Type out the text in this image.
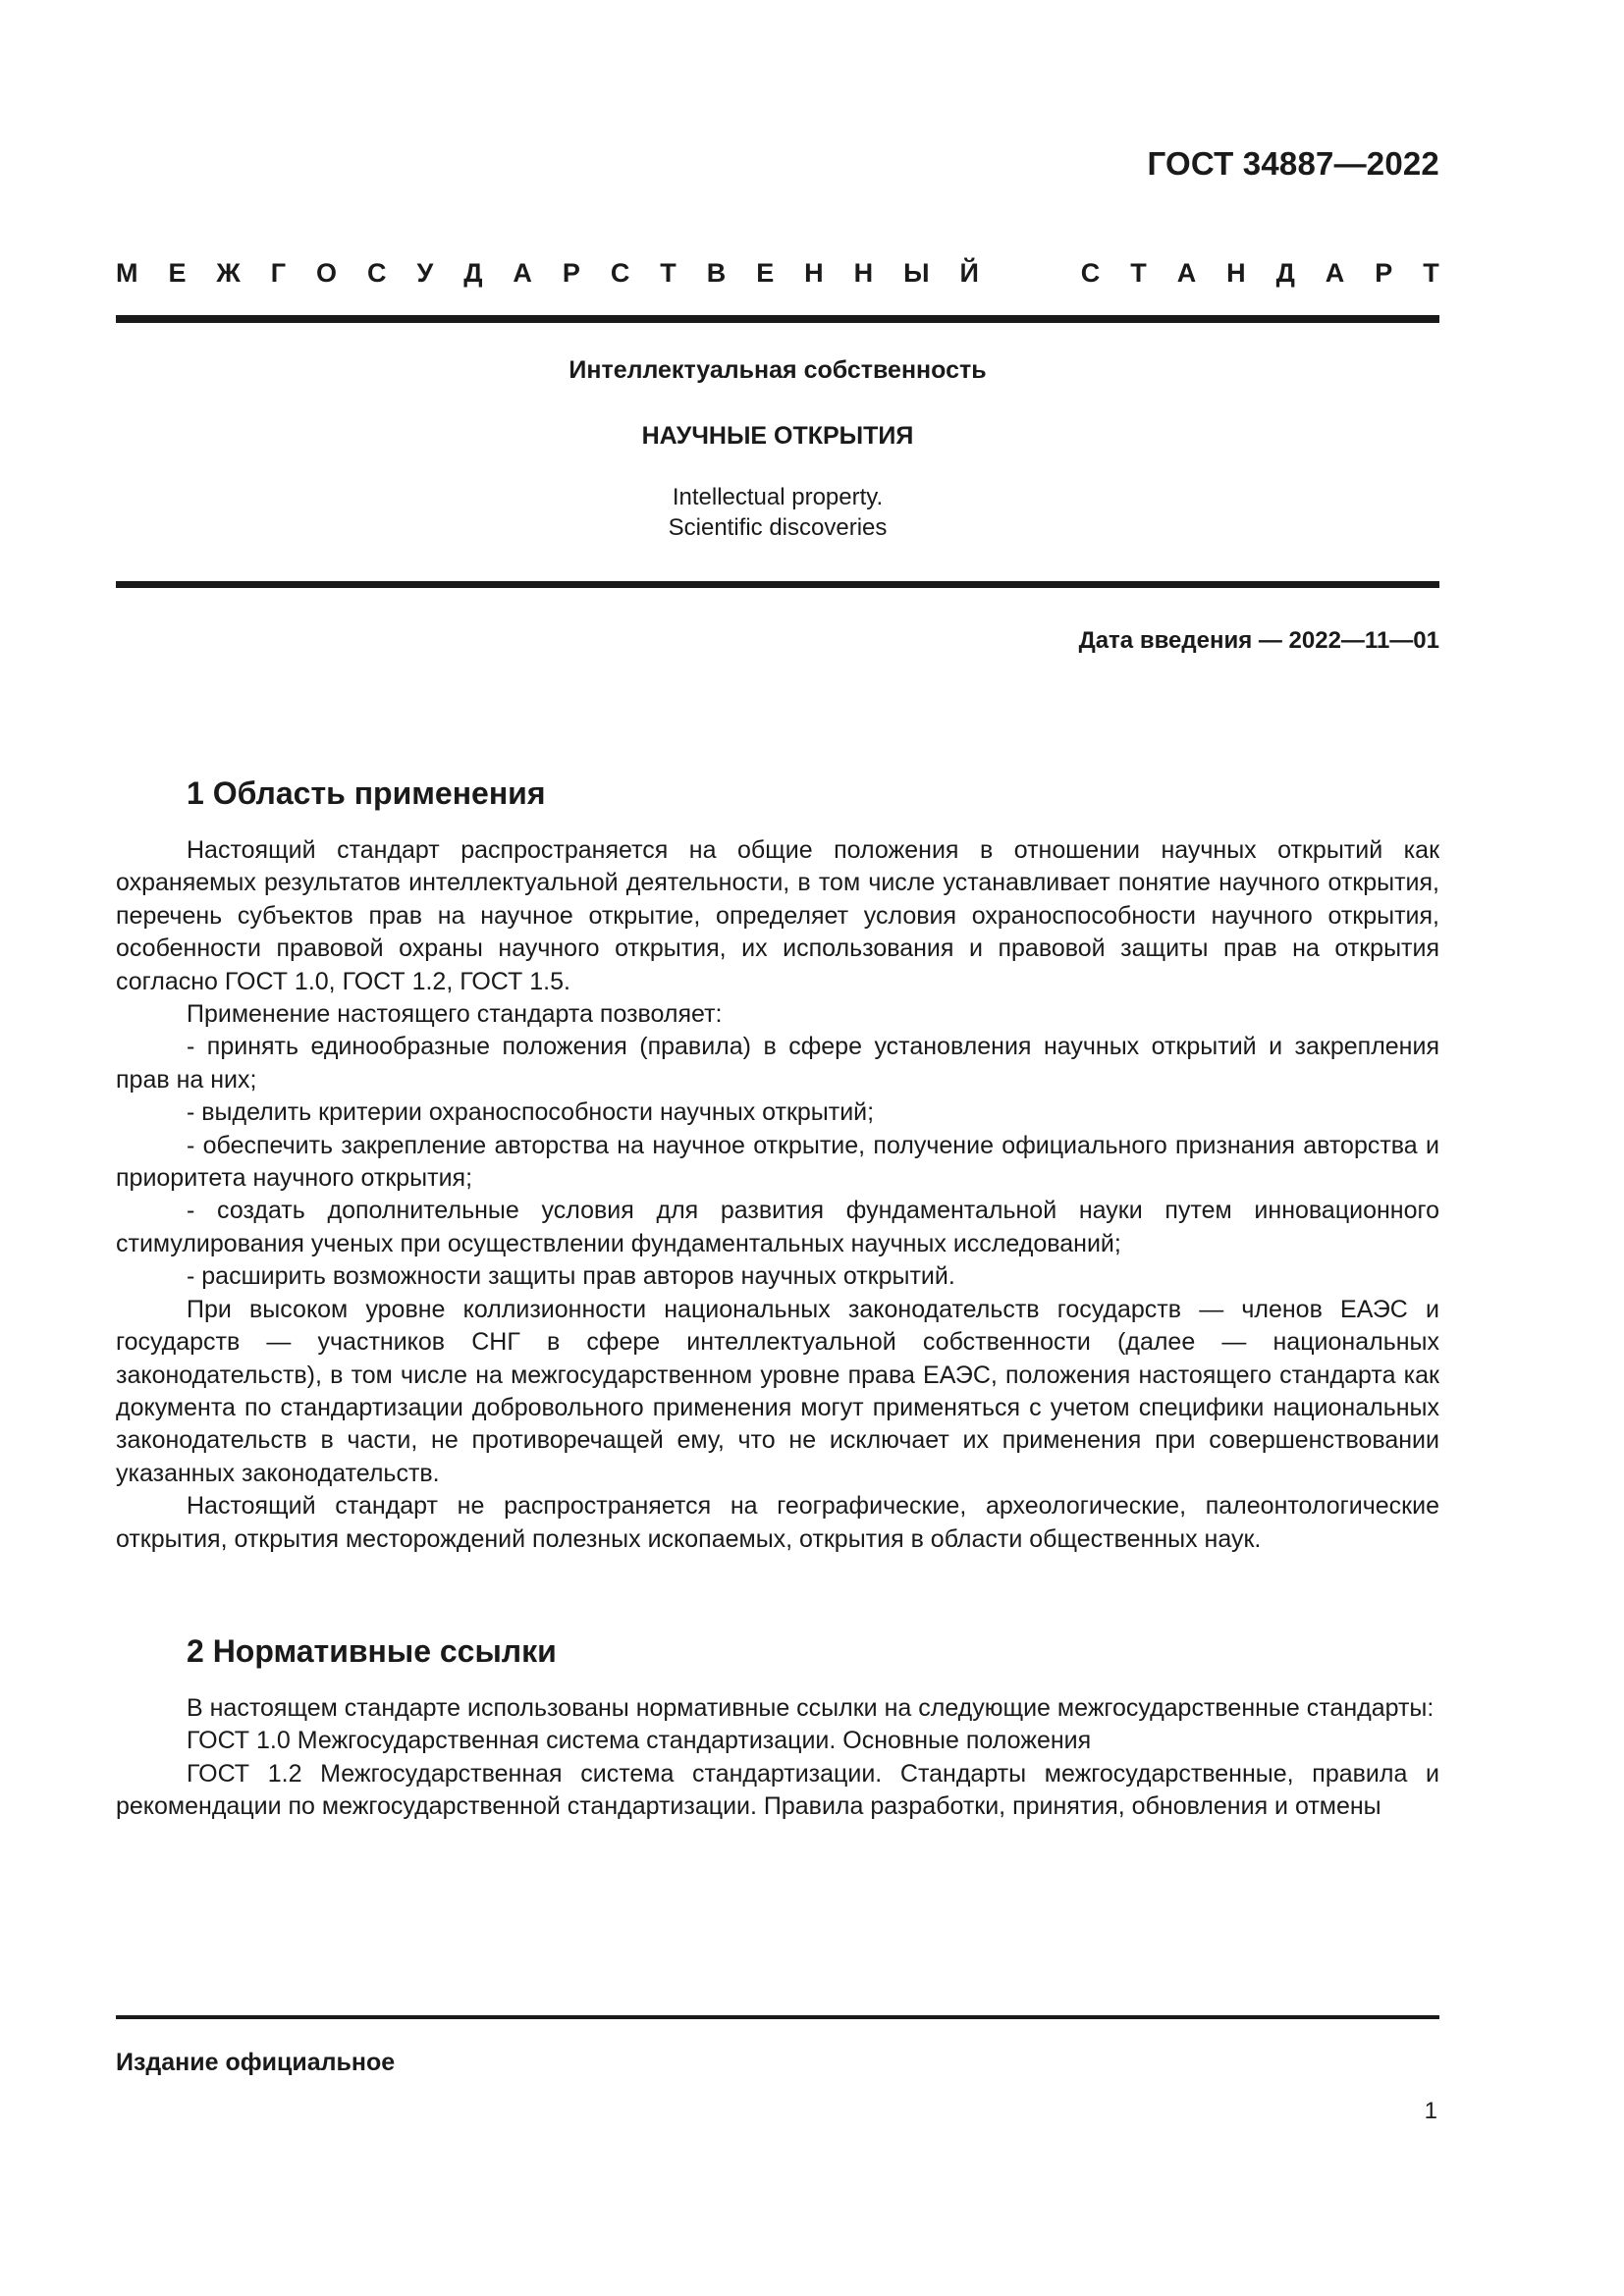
ГОСТ 34887—2022
М Е Ж Г О С У Д А Р С Т В Е Н Н Ы Й	С Т А Н Д А Р Т
Интеллектуальная собственность
НАУЧНЫЕ ОТКРЫТИЯ
Intellectual property.
Scientific discoveries
Дата введения — 2022—11—01
1 Область применения

Настоящий стандарт распространяется на общие положения в отношении научных открытий как охраняемых результатов интеллектуальной деятельности, в том числе устанавливает понятие научного открытия, перечень субъектов прав на научное открытие, определяет условия охраноспособности научного открытия, особенности правовой охраны научного открытия, их использования и правовой защиты прав на открытия согласно ГОСТ 1.0, ГОСТ 1.2, ГОСТ 1.5.

Применение настоящего стандарта позволяет:

- принять единообразные положения (правила) в сфере установления научных открытий и закрепления прав на них;

- выделить критерии охраноспособности научных открытий;

- обеспечить закрепление авторства на научное открытие, получение официального признания авторства и приоритета научного открытия;

- создать дополнительные условия для развития фундаментальной науки путем инновационного стимулирования ученых при осуществлении фундаментальных научных исследований;

- расширить возможности защиты прав авторов научных открытий.

При высоком уровне коллизионности национальных законодательств государств — членов ЕАЭС и государств — участников СНГ в сфере интеллектуальной собственности (далее — национальных законодательств), в том числе на межгосударственном уровне права ЕАЭС, положения настоящего стандарта как документа по стандартизации добровольного применения могут применяться с учетом специфики национальных законодательств в части, не противоречащей ему, что не исключает их применения при совершенствовании указанных законодательств.

Настоящий стандарт не распространяется на географические, археологические, палеонтологические открытия, открытия месторождений полезных ископаемых, открытия в области общественных наук.

2 Нормативные ссылки

В настоящем стандарте использованы нормативные ссылки на следующие межгосударственные стандарты:

ГОСТ 1.0 Межгосударственная система стандартизации. Основные положения

ГОСТ 1.2 Межгосударственная система стандартизации. Стандарты межгосударственные, правила и рекомендации по межгосударственной стандартизации. Правила разработки, принятия, обновления и отмены

Издание официальное
1
